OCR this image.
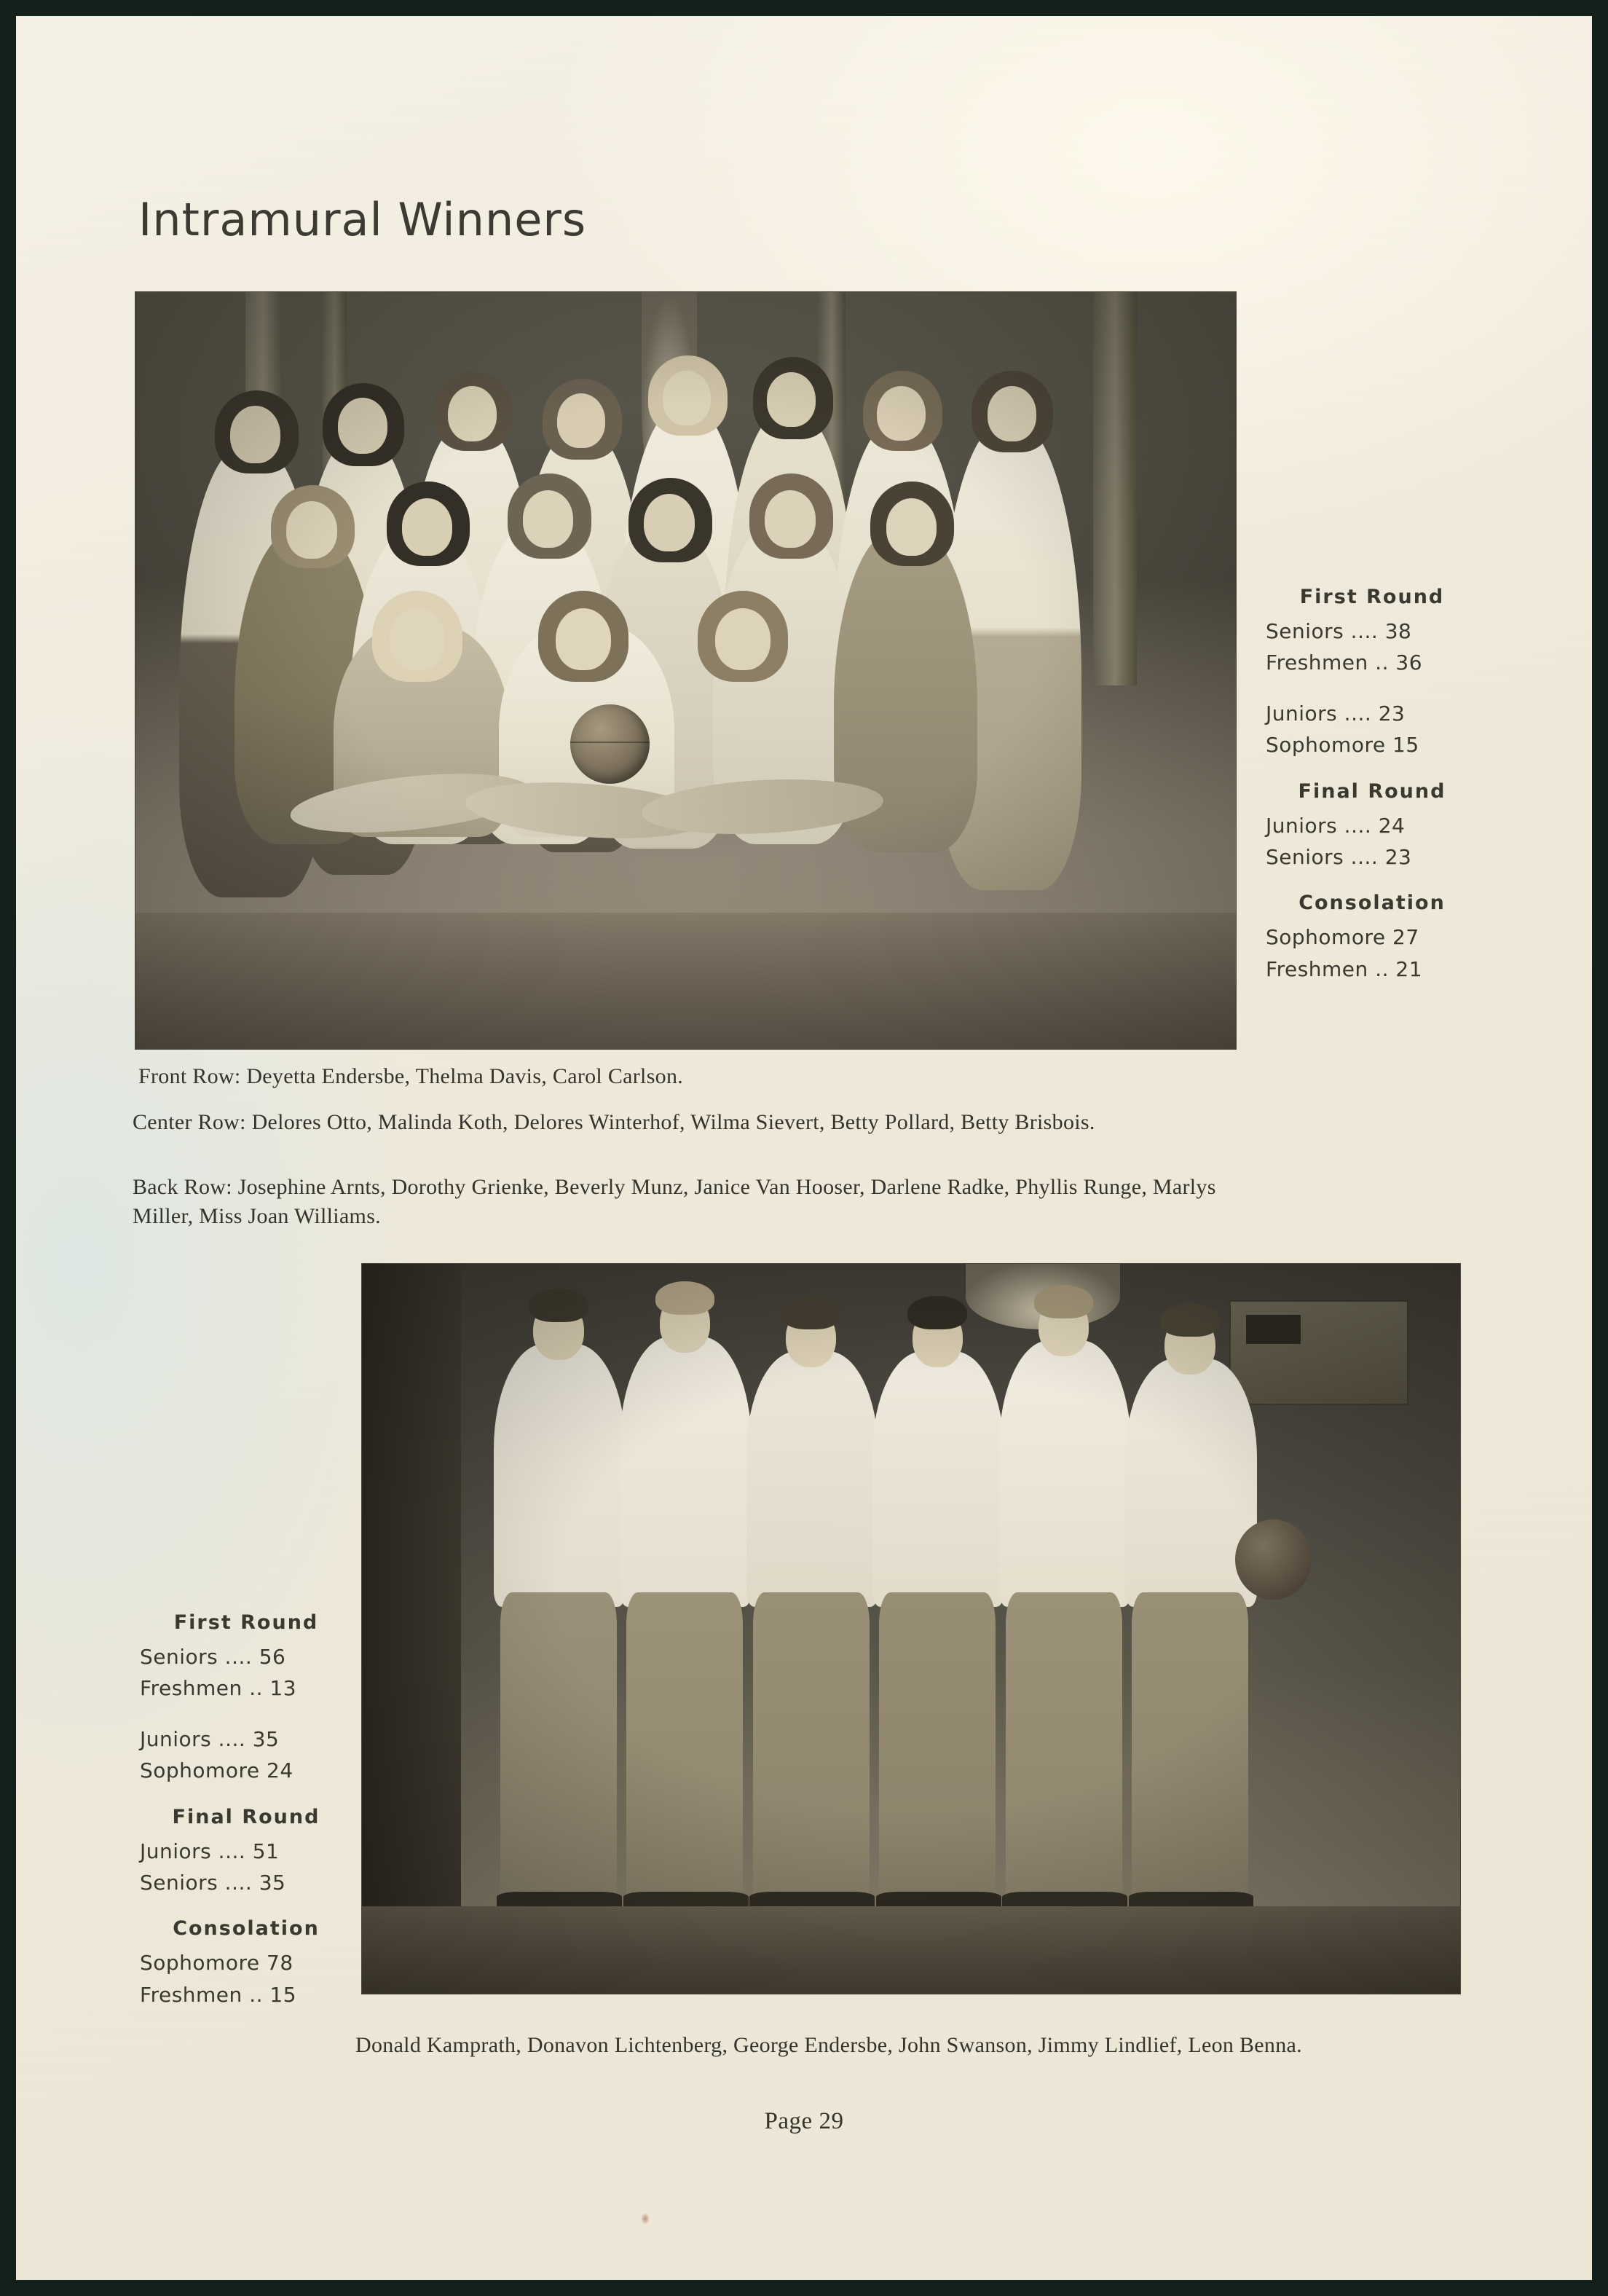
Intramural Winners
First Round
Seniors .... 38
Freshmen .. 36
Juniors .... 23
Sophomore 15
Final Round
Juniors .... 24
Seniors .... 23
Consolation
Sophomore 27
Freshmen .. 21
Front Row: Deyetta Endersbe, Thelma Davis, Carol Carlson.
Center Row: Delores Otto, Malinda Koth, Delores Winterhof, Wilma Sievert, Betty Pollard, Betty Brisbois.
Back Row: Josephine Arnts, Dorothy Grienke, Beverly Munz, Janice Van Hooser, Darlene Radke, Phyllis Runge, Marlys Miller, Miss Joan Williams.
First Round
Seniors .... 56
Freshmen .. 13
Juniors .... 35
Sophomore 24
Final Round
Juniors .... 51
Seniors .... 35
Consolation
Sophomore 78
Freshmen .. 15
Donald Kamprath, Donavon Lichtenberg, George Endersbe, John Swanson, Jimmy Lindlief, Leon Benna.
Page 29
